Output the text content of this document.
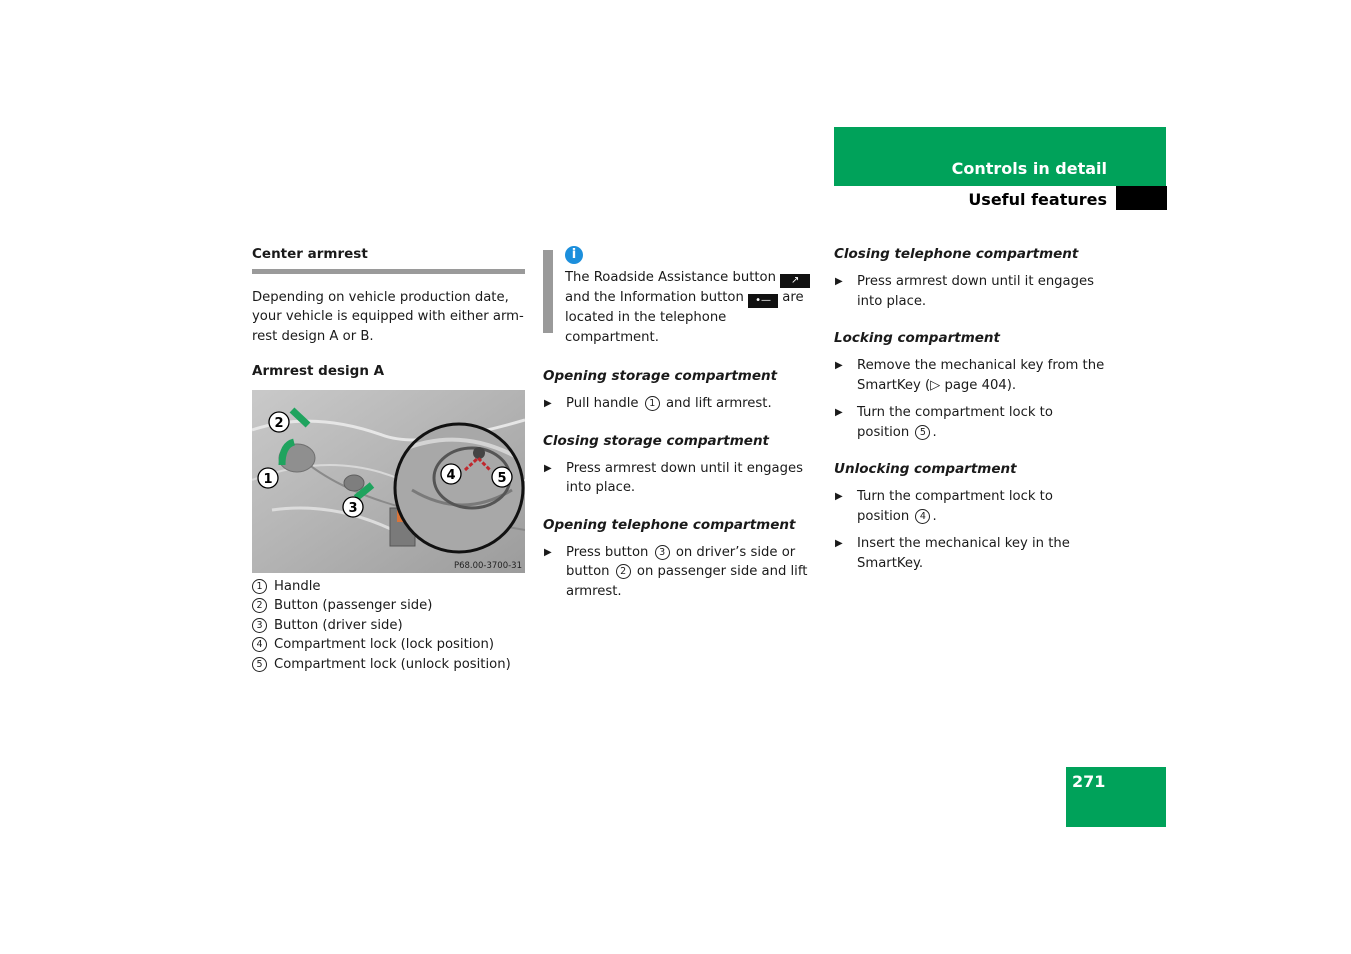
Controls in detail
Useful features
Center armrest

Depending on vehicle production date, your vehicle is equipped with either arm-rest design A or B.

Armrest design A
2
1
3
4	5
P68.00-3700-31
1 Handle
2 Button (passenger side)
3 Button (driver side)
4 Compartment lock (lock position)
5 Compartment lock (unlock position)
i

The Roadside Assistance button ↗ and the Information button •— are located in the telephone compartment.

Opening storage compartment
▶ Pull handle 1 and lift armrest.
Closing storage compartment
▶ Press armrest down until it engages into place.
Opening telephone compartment
▶ Press button 3 on driver’s side or button 2 on passenger side and lift armrest.
Closing telephone compartment
▶ Press armrest down until it engages into place.
Locking compartment
▶ Remove the mechanical key from the SmartKey (▷ page 404).
▶ Turn the compartment lock to position 5 .
Unlocking compartment
▶ Turn the compartment lock to position 4 .
▶ Insert the mechanical key in the SmartKey.
271
